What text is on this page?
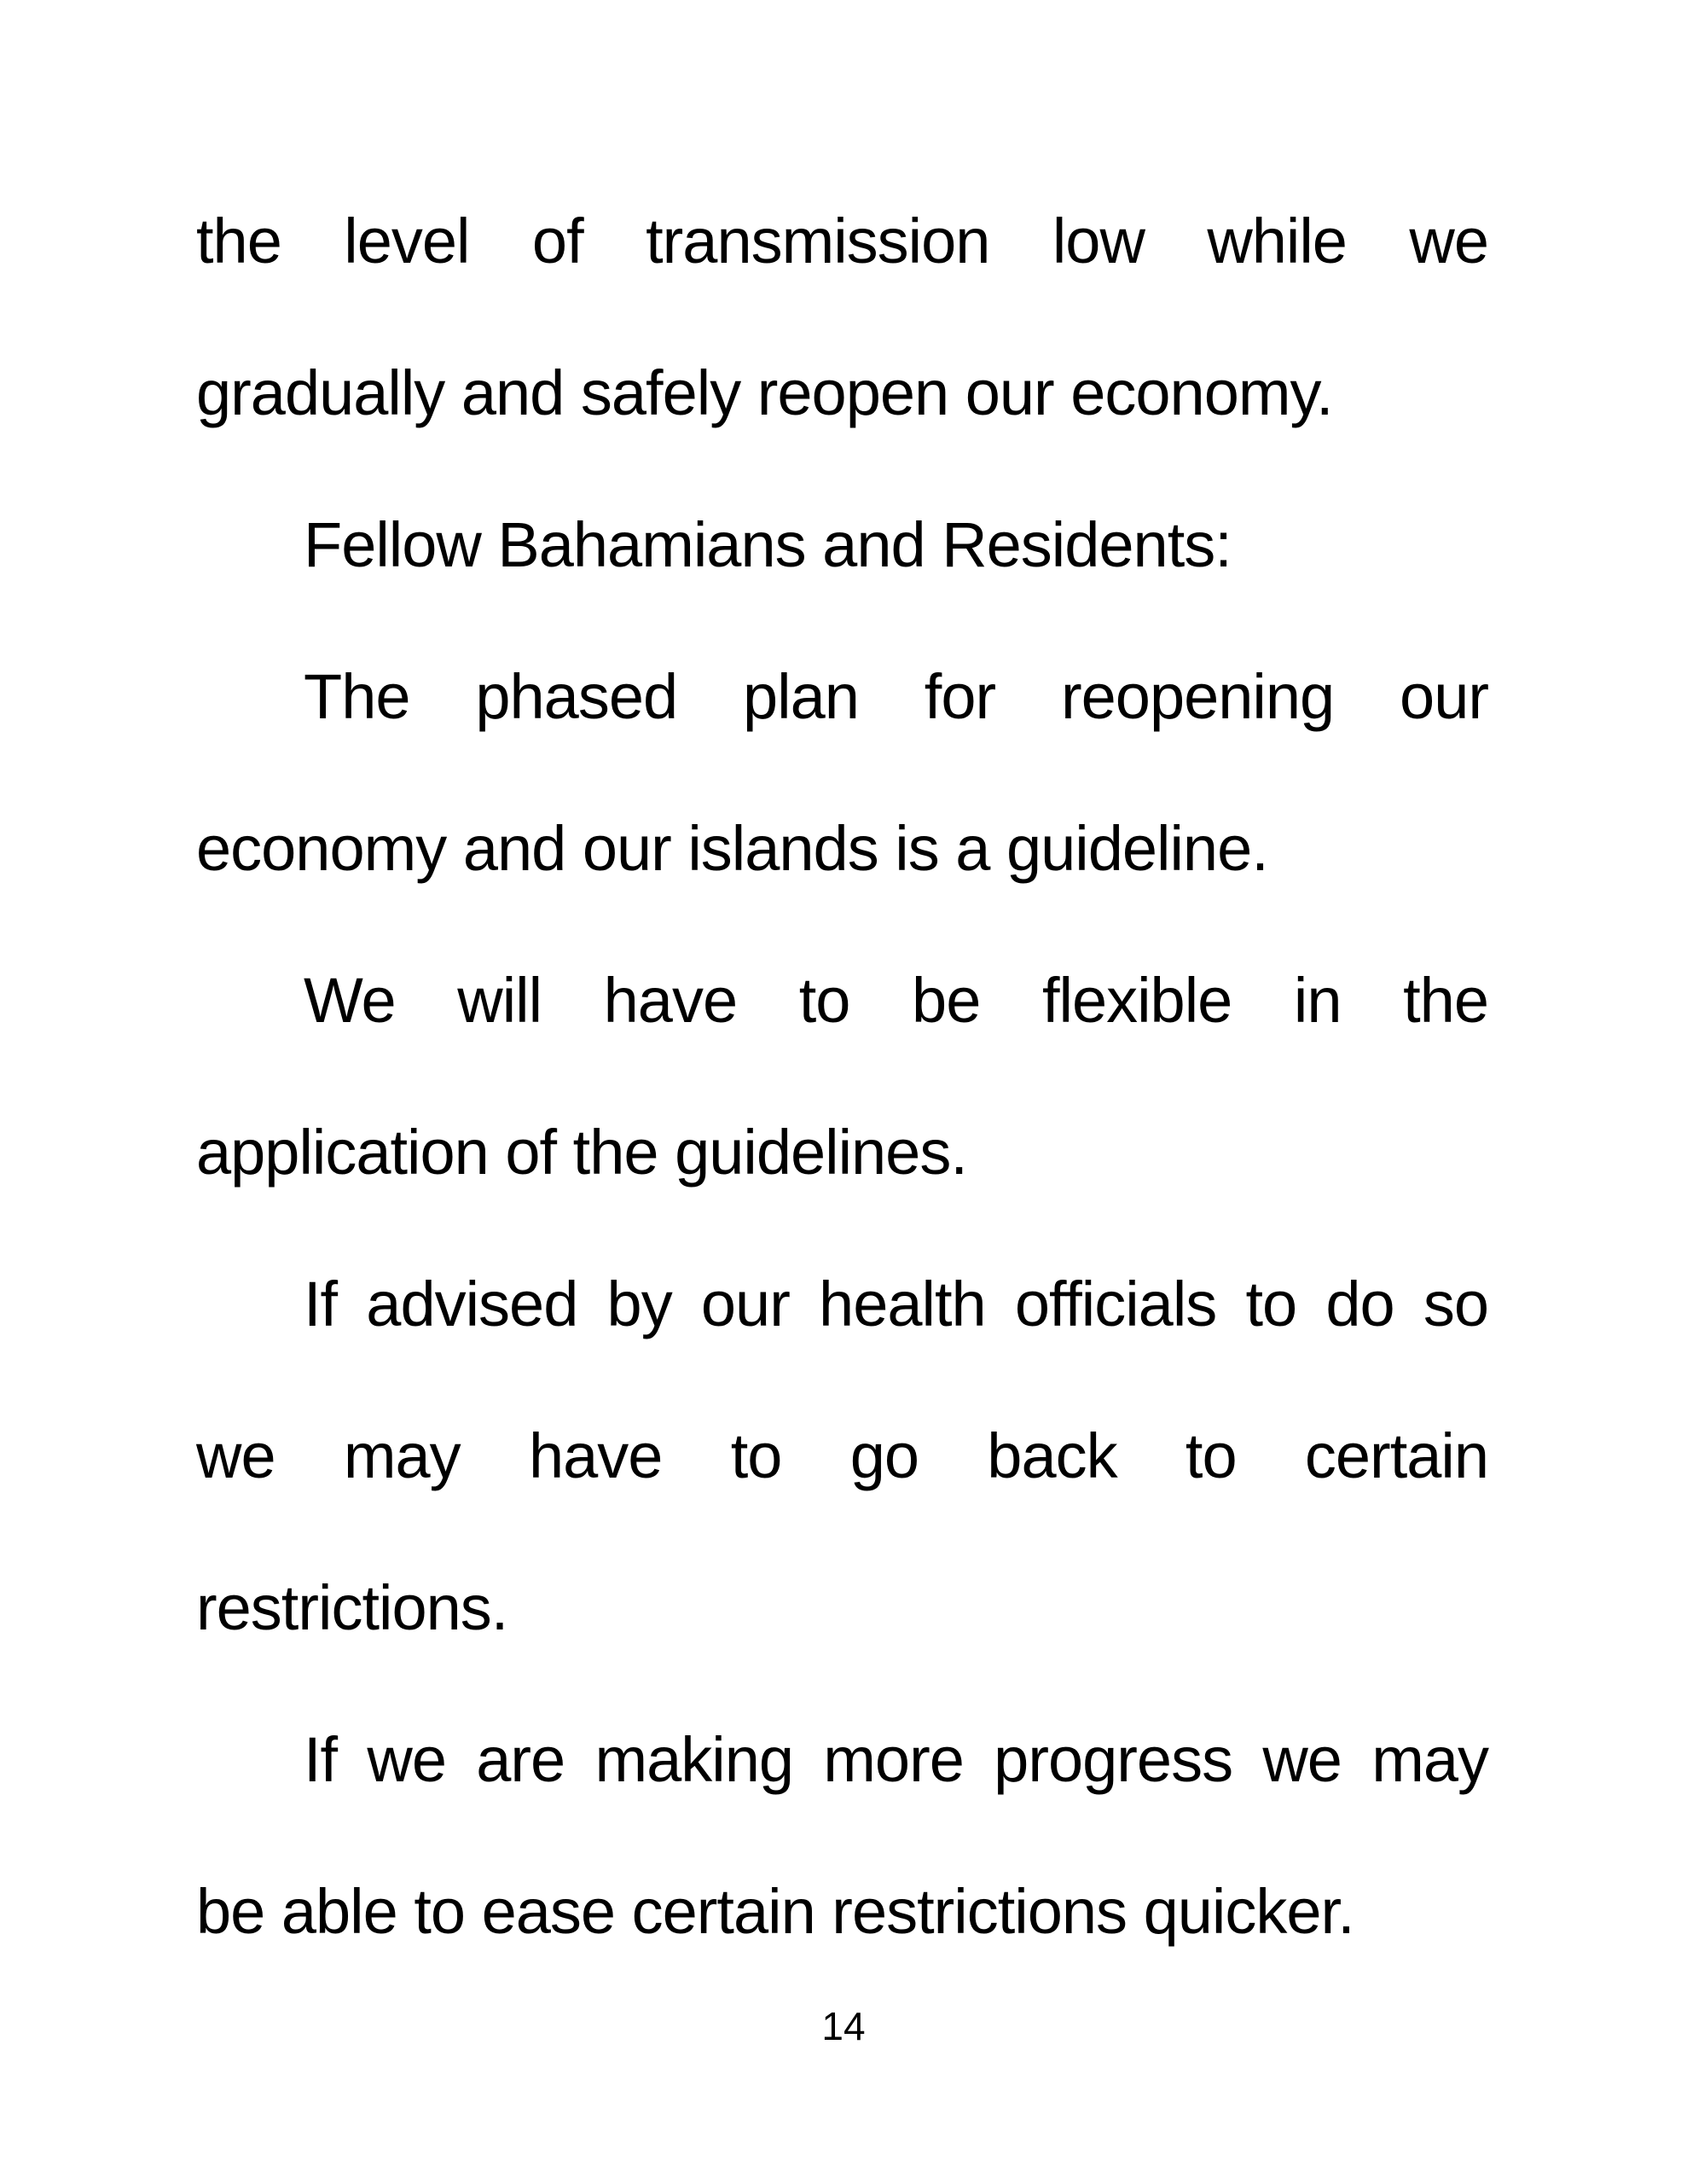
the level of transmission low while we
gradually and safely reopen our economy.
Fellow Bahamians and Residents:
The phased plan for reopening our
economy and our islands is a guideline.
We will have to be flexible in the
application of the guidelines.
If advised by our health officials to do so
we may have to go back to certain
restrictions.
If we are making more progress we may
be able to ease certain restrictions quicker.
14
